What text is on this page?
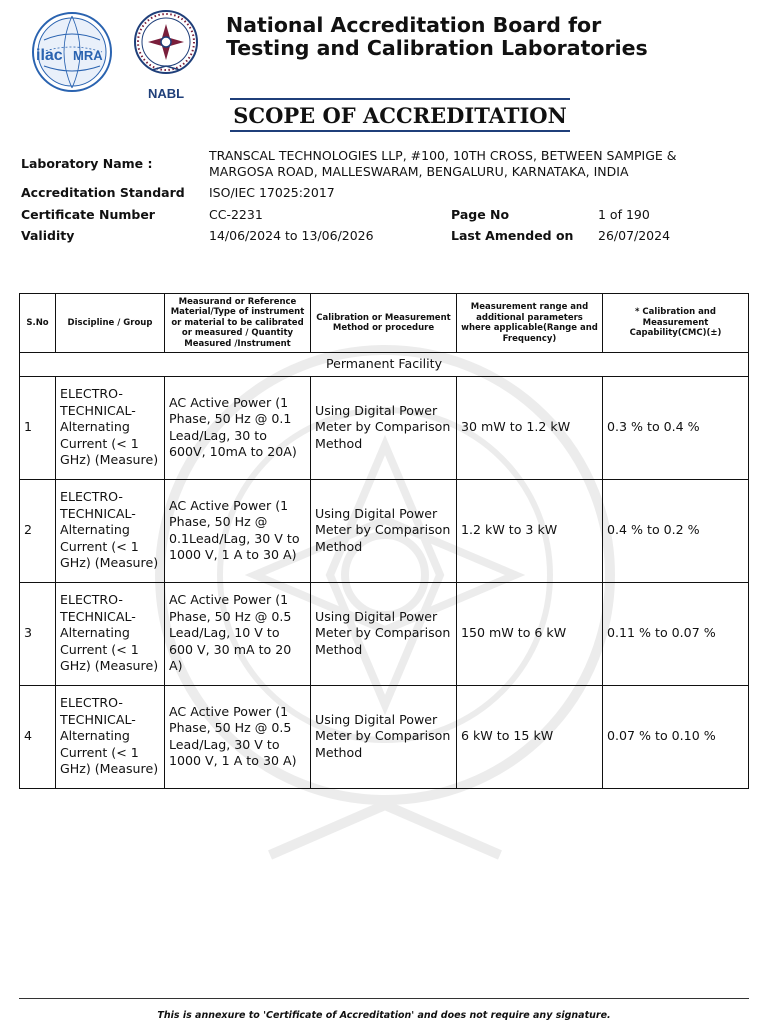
ilac MRA
NABL
National Accreditation Board for
Testing and Calibration Laboratories
SCOPE OF ACCREDITATION
Laboratory Name :
TRANSCAL TECHNOLOGIES LLP, #100, 10TH CROSS, BETWEEN SAMPIGE &
MARGOSA ROAD, MALLESWARAM, BENGALURU, KARNATAKA, INDIA
Accreditation Standard ISO/IEC 17025:2017
Certificate Number	CC-2231	Page No	1 of 190
Validity	14/06/2024 to 13/06/2026	Last Amended on 26/07/2024
S.No	Discipline / Group	Measurand or Reference Material/Type of instrument or material to be calibrated or measured / Quantity Measured /Instrument	Calibration or Measurement Method or procedure	Measurement range and additional parameters where applicable(Range and Frequency)	* Calibration and Measurement Capability(CMC)(±)
Permanent Facility					
1	ELECTRO-TECHNICAL-Alternating Current (< 1 GHz) (Measure)	AC Active Power (1 Phase, 50 Hz @ 0.1 Lead/Lag, 30 to 600V, 10mA to 20A)	Using Digital Power Meter by Comparison Method	30 mW to 1.2 kW	0.3 % to 0.4 %
2	ELECTRO-TECHNICAL-Alternating Current (< 1 GHz) (Measure)	AC Active Power (1 Phase, 50 Hz @ 0.1Lead/Lag, 30 V to 1000 V, 1 A to 30 A)	Using Digital Power Meter by Comparison Method	1.2 kW to 3 kW	0.4 % to 0.2 %
3	ELECTRO-TECHNICAL-Alternating Current (< 1 GHz) (Measure)	AC Active Power (1 Phase, 50 Hz @ 0.5 Lead/Lag, 10 V to 600 V, 30 mA to 20 A)	Using Digital Power Meter by Comparison Method	150 mW to 6 kW	0.11 % to 0.07 %
4	ELECTRO-TECHNICAL-Alternating Current (< 1 GHz) (Measure)	AC Active Power (1 Phase, 50 Hz @ 0.5 Lead/Lag, 30 V to 1000 V, 1 A to 30 A)	Using Digital Power Meter by Comparison Method	6 kW to 15 kW	0.07 % to 0.10 %
This is annexure to 'Certificate of Accreditation' and does not require any signature.
